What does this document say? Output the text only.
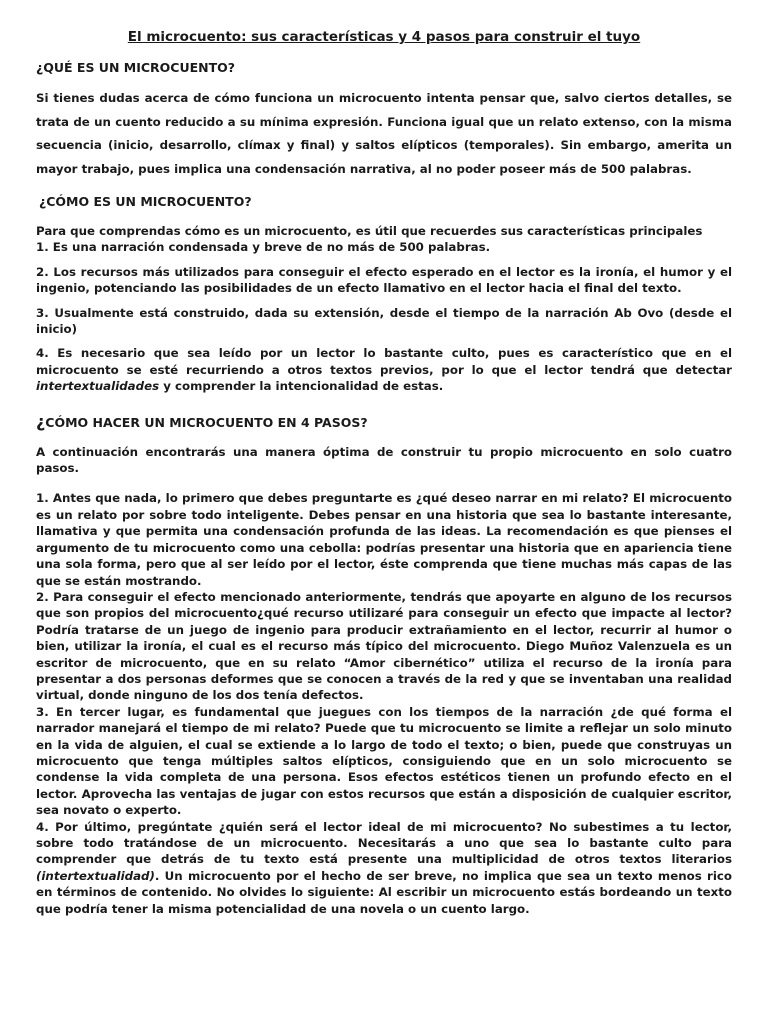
El microcuento: sus características y 4 pasos para construir el tuyo

¿QUÉ ES UN MICROCUENTO?

Si tienes dudas acerca de cómo funciona un microcuento intenta pensar que, salvo ciertos detalles, se trata de un cuento reducido a su mínima expresión. Funciona igual que un relato extenso, con la misma secuencia (inicio, desarrollo, clímax y final) y saltos elípticos (temporales). Sin embargo, amerita un mayor trabajo, pues implica una condensación narrativa, al no poder poseer más de 500 palabras.

¿CÓMO ES UN MICROCUENTO?

Para que comprendas cómo es un microcuento, es útil que recuerdes sus características principales

1. Es una narración condensada y breve de no más de 500 palabras.

2. Los recursos más utilizados para conseguir el efecto esperado en el lector es la ironía, el humor y el ingenio, potenciando las posibilidades de un efecto llamativo en el lector hacia el final del texto.

3. Usualmente está construido, dada su extensión, desde el tiempo de la narración Ab Ovo (desde el inicio)

4. Es necesario que sea leído por un lector lo bastante culto, pues es característico que en el microcuento se esté recurriendo a otros textos previos, por lo que el lector tendrá que detectar intertextualidades y comprender la intencionalidad de estas.

¿CÓMO HACER UN MICROCUENTO EN 4 PASOS?

A continuación encontrarás una manera óptima de construir tu propio microcuento en solo cuatro pasos.

1. Antes que nada, lo primero que debes preguntarte es ¿qué deseo narrar en mi relato? El microcuento es un relato por sobre todo inteligente. Debes pensar en una historia que sea lo bastante interesante, llamativa y que permita una condensación profunda de las ideas. La recomendación es que pienses el argumento de tu microcuento como una cebolla: podrías presentar una historia que en apariencia tiene una sola forma, pero que al ser leído por el lector, éste comprenda que tiene muchas más capas de las que se están mostrando.

2. Para conseguir el efecto mencionado anteriormente, tendrás que apoyarte en alguno de los recursos que son propios del microcuento¿qué recurso utilizaré para conseguir un efecto que impacte al lector? Podría tratarse de un juego de ingenio para producir extrañamiento en el lector, recurrir al humor o bien, utilizar la ironía, el cual es el recurso más típico del microcuento. Diego Muñoz Valenzuela es un escritor de microcuento, que en su relato “Amor cibernético” utiliza el recurso de la ironía para presentar a dos personas deformes que se conocen a través de la red y que se inventaban una realidad virtual, donde ninguno de los dos tenía defectos.

3. En tercer lugar, es fundamental que juegues con los tiempos de la narración ¿de qué forma el narrador manejará el tiempo de mi relato? Puede que tu microcuento se limite a reflejar un solo minuto en la vida de alguien, el cual se extiende a lo largo de todo el texto; o bien, puede que construyas un microcuento que tenga múltiples saltos elípticos, consiguiendo que en un solo microcuento se condense la vida completa de una persona. Esos efectos estéticos tienen un profundo efecto en el lector. Aprovecha las ventajas de jugar con estos recursos que están a disposición de cualquier escritor, sea novato o experto.

4. Por último, pregúntate ¿quién será el lector ideal de mi microcuento? No subestimes a tu lector, sobre todo tratándose de un microcuento. Necesitarás a uno que sea lo bastante culto para comprender que detrás de tu texto está presente una multiplicidad de otros textos literarios (intertextualidad). Un microcuento por el hecho de ser breve, no implica que sea un texto menos rico en términos de contenido. No olvides lo siguiente: Al escribir un microcuento estás bordeando un texto que podría tener la misma potencialidad de una novela o un cuento largo.
